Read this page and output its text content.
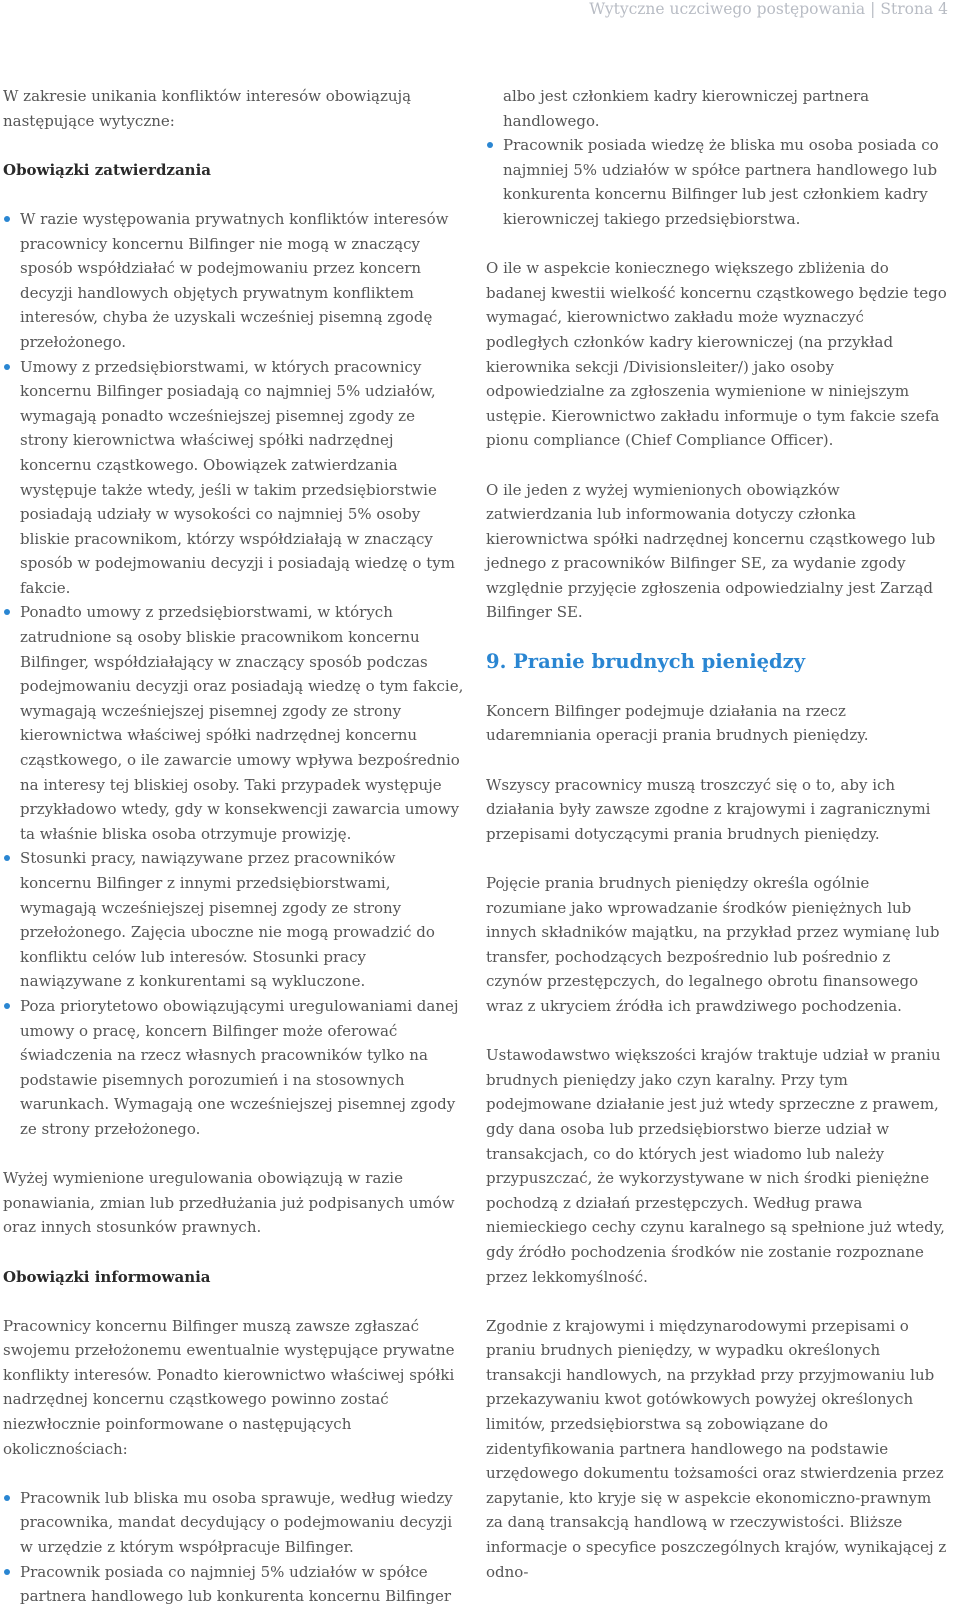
Wytyczne uczciwego postępowania | Strona 4

W zakresie unikania konfliktów interesów obowiązują następujące wytyczne:

Obowiązki zatwierdzania
W razie występowania prywatnych konfliktów interesów pracownicy koncernu Bilfinger nie mogą w znaczący sposób współdziałać w podejmowaniu przez koncern decyzji handlowych objętych prywatnym konfliktem interesów, chyba że uzyskali wcześniej pisemną zgodę przełożonego.
Umowy z przedsiębiorstwami, w których pracownicy koncernu Bilfinger posiadają co najmniej 5% udziałów, wymagają ponadto wcześniejszej pisemnej zgody ze strony kierownictwa właściwej spółki nadrzędnej koncernu cząstkowego. Obowiązek zatwierdzania występuje także wtedy, jeśli w takim przedsiębiorstwie posiadają udziały w wysokości co najmniej 5% osoby bliskie pracownikom, którzy współdziałają w znaczący sposób w podejmowaniu decyzji i posiadają wiedzę o tym fakcie.
Ponadto umowy z przedsiębiorstwami, w których zatrudnione są osoby bliskie pracownikom koncernu Bilfinger, współdziałający w znaczący sposób podczas podejmowaniu decyzji oraz posiadają wiedzę o tym fakcie, wymagają wcześniejszej pisemnej zgody ze strony kierownictwa właściwej spółki nadrzędnej koncernu cząstkowego, o ile zawarcie umowy wpływa bezpośrednio na interesy tej bliskiej osoby. Taki przypadek występuje przykładowo wtedy, gdy w konsekwencji zawarcia umowy ta właśnie bliska osoba otrzymuje prowizję.
Stosunki pracy, nawiązywane przez pracowników koncernu Bilfinger z innymi przedsiębiorstwami, wymagają wcześniejszej pisemnej zgody ze strony przełożonego. Zajęcia uboczne nie mogą prowadzić do konfliktu celów lub interesów. Stosunki pracy nawiązywane z konkurentami są wykluczone.
Poza priorytetowo obowiązującymi uregulowaniami danej umowy o pracę, koncern Bilfinger może oferować świadczenia na rzecz własnych pracowników tylko na podstawie pisemnych porozumień i na stosownych warunkach. Wymagają one wcześniejszej pisemnej zgody ze strony przełożonego.

Wyżej wymienione uregulowania obowiązują w razie ponawiania, zmian lub przedłużania już podpisanych umów oraz innych stosunków prawnych.

Obowiązki informowania

Pracownicy koncernu Bilfinger muszą zawsze zgłaszać swojemu przełożonemu ewentualnie występujące prywatne konflikty interesów. Ponadto kierownictwo właściwej spółki nadrzędnej koncernu cząstkowego powinno zostać niezwłocznie poinformowane o następujących okolicznościach:

Pracownik lub bliska mu osoba sprawuje, według wiedzy pracownika, mandat decydujący o podejmowaniu decyzji w urzędzie z którym współpracuje Bilfinger.
Pracownik posiada co najmniej 5% udziałów w spółce partnera handlowego lub konkurenta koncernu Bilfinger

albo jest członkiem kadry kierowniczej partnera handlowego.

Pracownik posiada wiedzę że bliska mu osoba posiada co najmniej 5% udziałów w spółce partnera handlowego lub konkurenta koncernu Bilfinger lub jest członkiem kadry kierowniczej takiego przedsiębiorstwa.

O ile w aspekcie koniecznego większego zbliżenia do badanej kwestii wielkość koncernu cząstkowego będzie tego wymagać, kierownictwo zakładu może wyznaczyć podległych członków kadry kierowniczej (na przykład kierownika sekcji /Divisionsleiter/) jako osoby odpowiedzialne za zgłoszenia wymienione w niniejszym ustępie. Kierownictwo zakładu informuje o tym fakcie szefa pionu compliance (Chief Compliance Officer).

O ile jeden z wyżej wymienionych obowiązków zatwierdzania lub informowania dotyczy członka kierownictwa spółki nadrzędnej koncernu cząstkowego lub jednego z pracowników Bilfinger SE, za wydanie zgody względnie przyjęcie zgłoszenia odpowiedzialny jest Zarząd Bilfinger SE.

9. Pranie brudnych pieniędzy

Koncern Bilfinger podejmuje działania na rzecz udaremniania operacji prania brudnych pieniędzy.

Wszyscy pracownicy muszą troszczyć się o to, aby ich działania były zawsze zgodne z krajowymi i zagranicznymi przepisami dotyczącymi prania brudnych pieniędzy.

Pojęcie prania brudnych pieniędzy określa ogólnie rozumiane jako wprowadzanie środków pieniężnych lub innych składników majątku, na przykład przez wymianę lub transfer, pochodzących bezpośrednio lub pośrednio z czynów przestępczych, do legalnego obrotu finansowego wraz z ukryciem źródła ich prawdziwego pochodzenia.

Ustawodawstwo większości krajów traktuje udział w praniu brudnych pieniędzy jako czyn karalny. Przy tym podejmowane działanie jest już wtedy sprzeczne z prawem, gdy dana osoba lub przedsiębiorstwo bierze udział w transakcjach, co do których jest wiadomo lub należy przypuszczać, że wykorzystywane w nich środki pieniężne pochodzą z działań przestępczych. Według prawa niemieckiego cechy czynu karalnego są spełnione już wtedy, gdy źródło pochodzenia środków nie zostanie rozpoznane przez lekkomyślność.

Zgodnie z krajowymi i międzynarodowymi przepisami o praniu brudnych pieniędzy, w wypadku określonych transakcji handlowych, na przykład przy przyjmowaniu lub przekazywaniu kwot gotówkowych powyżej określonych limitów, przedsiębiorstwa są zobowiązane do zidentyfikowania partnera handlowego na podstawie urzędowego dokumentu tożsamości oraz stwierdzenia przez zapytanie, kto kryje się w aspekcie ekonomiczno-prawnym za daną transakcją handlową w rzeczywistości. Bliższe informacje o specyfice poszczególnych krajów, wynikającej z odno-
